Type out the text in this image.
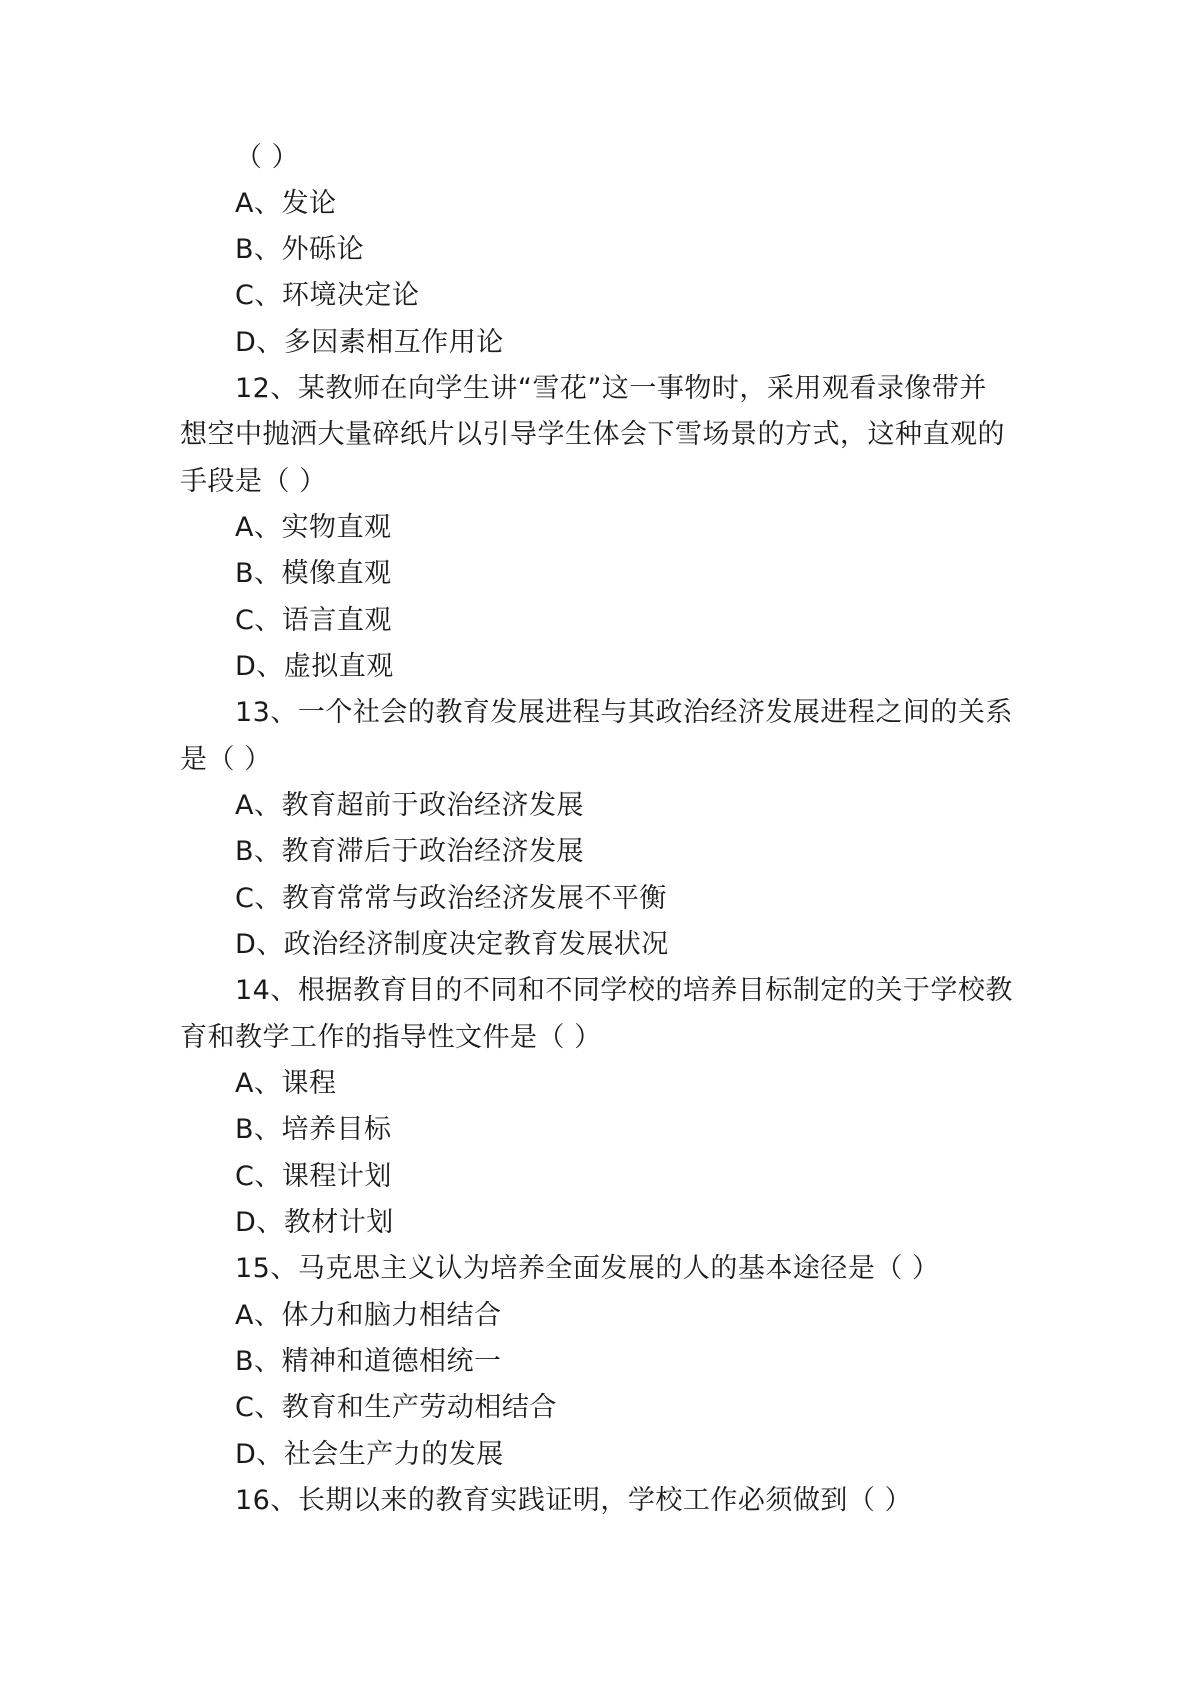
（ ）
A、发论
B、外砾论
C、环境决定论
D、多因素相互作用论
12、某教师在向学生讲“雪花”这一事物时，采用观看录像带并
想空中抛洒大量碎纸片以引导学生体会下雪场景的方式，这种直观的
手段是（ ）
A、实物直观
B、模像直观
C、语言直观
D、虚拟直观
13、一个社会的教育发展进程与其政治经济发展进程之间的关系
是（ ）
A、教育超前于政治经济发展
B、教育滞后于政治经济发展
C、教育常常与政治经济发展不平衡
D、政治经济制度决定教育发展状况
14、根据教育目的不同和不同学校的培养目标制定的关于学校教
育和教学工作的指导性文件是（ ）
A、课程
B、培养目标
C、课程计划
D、教材计划
15、马克思主义认为培养全面发展的人的基本途径是（ ）
A、体力和脑力相结合
B、精神和道德相统一
C、教育和生产劳动相结合
D、社会生产力的发展
16、长期以来的教育实践证明，学校工作必须做到（ ）
